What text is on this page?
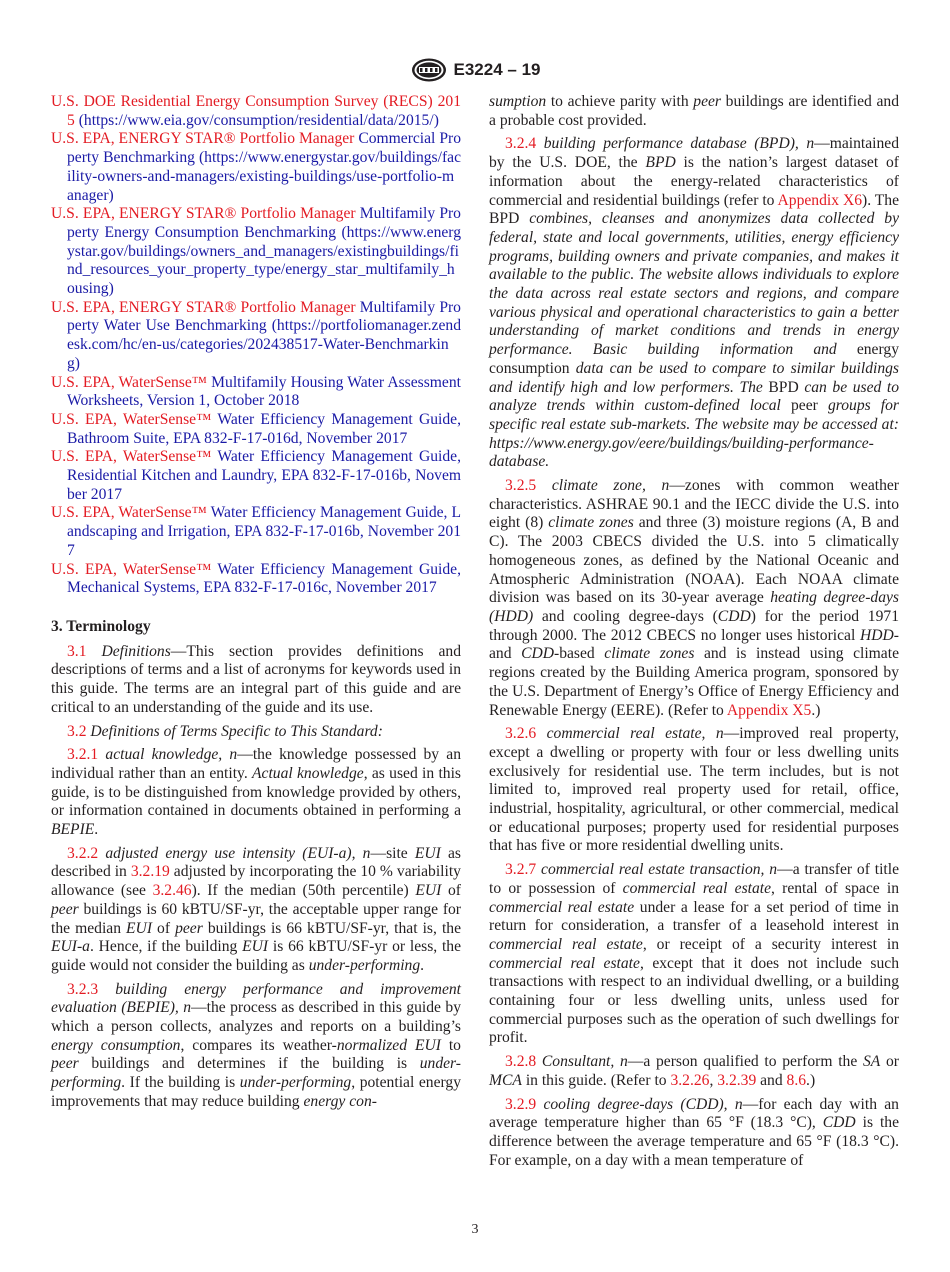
E3224 – 19

U.S. DOE Residential Energy Consumption Survey (RECS) 2015 (https://www.eia.gov/consumption/residential/data/2015/)

U.S. EPA, ENERGY STAR® Portfolio Manager Commercial Property Benchmarking (https://www.energystar.gov/buildings/facility-owners-and-managers/existing-buildings/use-portfolio-manager)

U.S. EPA, ENERGY STAR® Portfolio Manager Multifamily Property Energy Consumption Benchmarking (https://www.energystar.gov/buildings/owners_and_managers/existingbuildings/find_resources_your_property_type/energy_star_multifamily_housing)

U.S. EPA, ENERGY STAR® Portfolio Manager Multifamily Property Water Use Benchmarking (https://portfoliomanager.zendesk.com/hc/en-us/categories/202438517-Water-Benchmarking)

U.S. EPA, WaterSense™ Multifamily Housing Water Assessment Worksheets, Version 1, October 2018

U.S. EPA, WaterSense™ Water Efficiency Management Guide, Bathroom Suite, EPA 832-F-17-016d, November 2017

U.S. EPA, WaterSense™ Water Efficiency Management Guide, Residential Kitchen and Laundry, EPA 832-F-17-016b, November 2017

U.S. EPA, WaterSense™ Water Efficiency Management Guide, Landscaping and Irrigation, EPA 832-F-17-016b, November 2017

U.S. EPA, WaterSense™ Water Efficiency Management Guide, Mechanical Systems, EPA 832-F-17-016c, November 2017

3. Terminology

3.1 Definitions—This section provides definitions and descriptions of terms and a list of acronyms for keywords used in this guide. The terms are an integral part of this guide and are critical to an understanding of the guide and its use.

3.2 Definitions of Terms Specific to This Standard:

3.2.1 actual knowledge, n—the knowledge possessed by an individual rather than an entity. Actual knowledge, as used in this guide, is to be distinguished from knowledge provided by others, or information contained in documents obtained in performing a BEPIE.

3.2.2 adjusted energy use intensity (EUI-a), n—site EUI as described in 3.2.19 adjusted by incorporating the 10 % variability allowance (see 3.2.46). If the median (50th percentile) EUI of peer buildings is 60 kBTU/SF-yr, the acceptable upper range for the median EUI of peer buildings is 66 kBTU/SF-yr, that is, the EUI-a. Hence, if the building EUI is 66 kBTU/SF-yr or less, the guide would not consider the building as under-performing.

3.2.3 building energy performance and improvement evaluation (BEPIE), n—the process as described in this guide by which a person collects, analyzes and reports on a building’s energy consumption, compares its weather-normalized EUI to peer buildings and determines if the building is under-performing. If the building is under-performing, potential energy improvements that may reduce building energy con-

sumption to achieve parity with peer buildings are identified and a probable cost provided.

3.2.4 building performance database (BPD), n—maintained by the U.S. DOE, the BPD is the nation’s largest dataset of information about the energy-related characteristics of commercial and residential buildings (refer to Appendix X6). The BPD combines, cleanses and anonymizes data collected by federal, state and local governments, utilities, energy efficiency programs, building owners and private companies, and makes it available to the public. The website allows individuals to explore the data across real estate sectors and regions, and compare various physical and operational characteristics to gain a better understanding of market conditions and trends in energy performance. Basic building information and energy consumption data can be used to compare to similar buildings and identify high and low performers. The BPD can be used to analyze trends within custom-defined local peer groups for specific real estate sub-markets. The website may be accessed at: https://www.energy.gov/eere/buildings/building-performance-database.

3.2.5 climate zone, n—zones with common weather characteristics. ASHRAE 90.1 and the IECC divide the U.S. into eight (8) climate zones and three (3) moisture regions (A, B and C). The 2003 CBECS divided the U.S. into 5 climatically homogeneous zones, as defined by the National Oceanic and Atmospheric Administration (NOAA). Each NOAA climate division was based on its 30-year average heating degree-days (HDD) and cooling degree-days (CDD) for the period 1971 through 2000. The 2012 CBECS no longer uses historical HDD- and CDD-based climate zones and is instead using climate regions created by the Building America program, sponsored by the U.S. Department of Energy’s Office of Energy Efficiency and Renewable Energy (EERE). (Refer to Appendix X5.)

3.2.6 commercial real estate, n—improved real property, except a dwelling or property with four or less dwelling units exclusively for residential use. The term includes, but is not limited to, improved real property used for retail, office, industrial, hospitality, agricultural, or other commercial, medical or educational purposes; property used for residential purposes that has five or more residential dwelling units.

3.2.7 commercial real estate transaction, n—a transfer of title to or possession of commercial real estate, rental of space in commercial real estate under a lease for a set period of time in return for consideration, a transfer of a leasehold interest in commercial real estate, or receipt of a security interest in commercial real estate, except that it does not include such transactions with respect to an individual dwelling, or a building containing four or less dwelling units, unless used for commercial purposes such as the operation of such dwellings for profit.

3.2.8 Consultant, n—a person qualified to perform the SA or MCA in this guide. (Refer to 3.2.26, 3.2.39 and 8.6.)

3.2.9 cooling degree-days (CDD), n—for each day with an average temperature higher than 65 °F (18.3 °C), CDD is the difference between the average temperature and 65 °F (18.3 °C). For example, on a day with a mean temperature of

3
